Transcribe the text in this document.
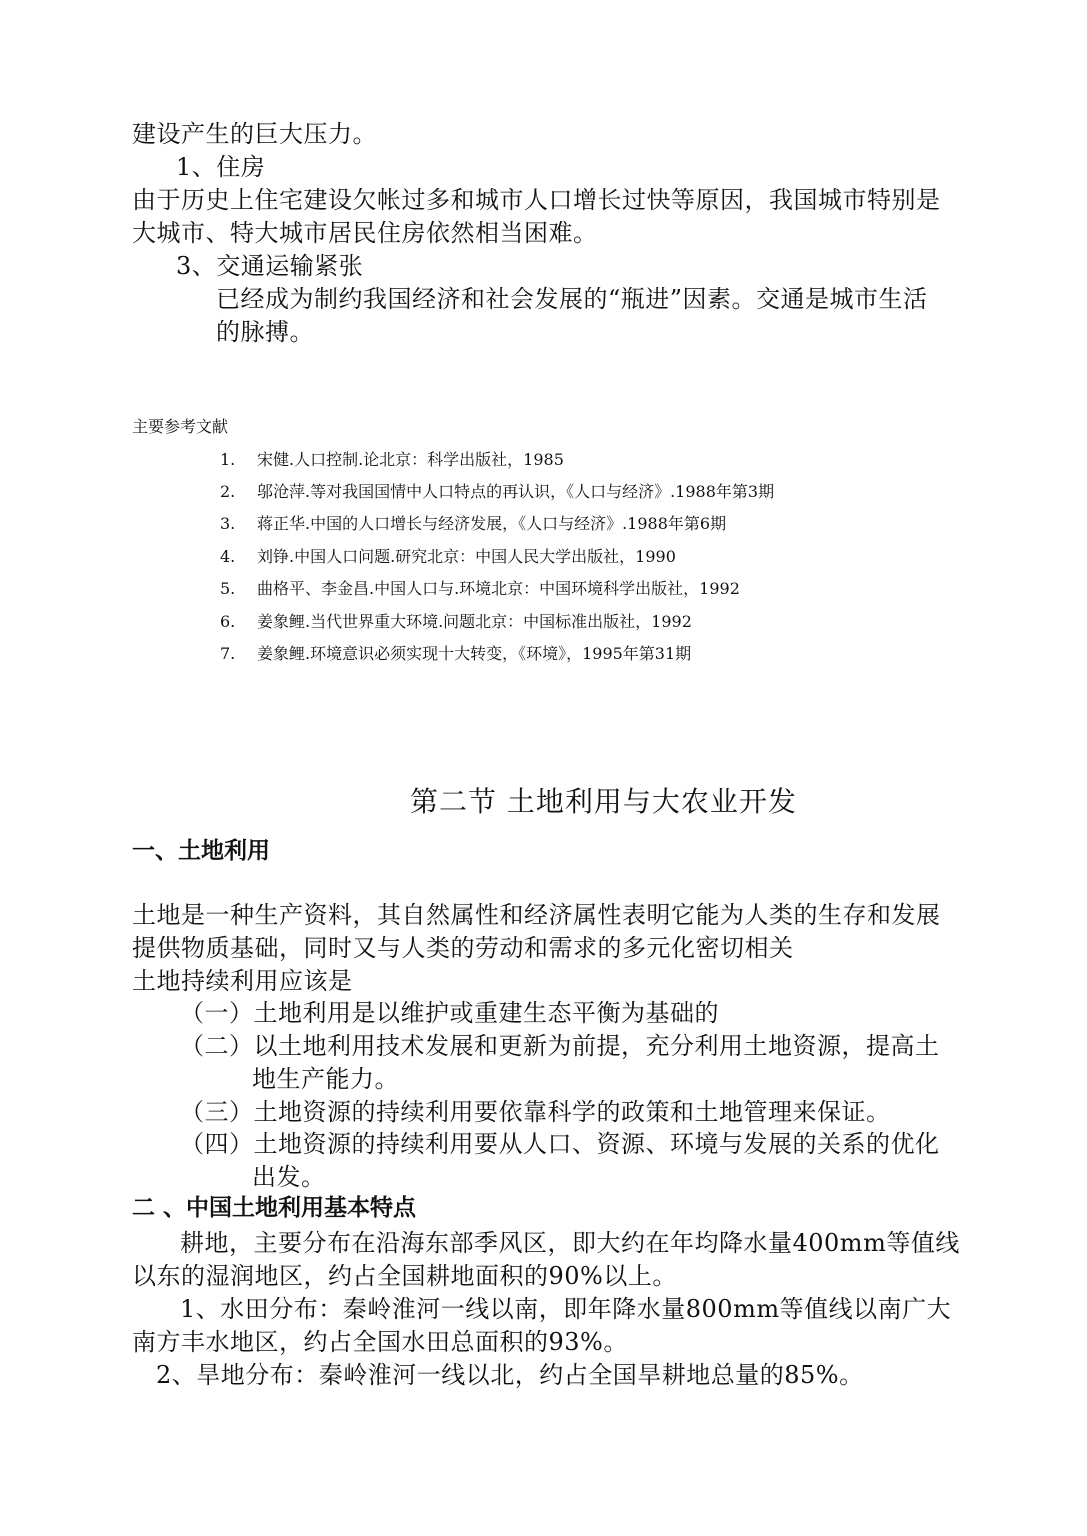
建设产生的巨大压力。
1、住房
由于历史上住宅建设欠帐过多和城市人口增长过快等原因，我国城市特别是
大城市、特大城市居民住房依然相当困难。
3、交通运输紧张
已经成为制约我国经济和社会发展的“瓶进”因素。交通是城市生活
的脉搏。
主要参考文献
1.	宋健.人口控制.论北京：科学出版社，1985
2.	邬沧萍.等对我国国情中人口特点的再认识，《人口与经济》.1988年第3期
3.	蒋正华.中国的人口增长与经济发展，《人口与经济》.1988年第6期
4.	刘铮.中国人口问题.研究北京：中国人民大学出版社，1990
5.	曲格平、李金昌.中国人口与.环境北京：中国环境科学出版社，1992
6.	姜象鲤.当代世界重大环境.问题北京：中国标准出版社，1992
7.	姜象鲤.环境意识必须实现十大转变，《环境》，1995年第31期
第二节 土地利用与大农业开发
一、土地利用
土地是一种生产资料，其自然属性和经济属性表明它能为人类的生存和发展
提供物质基础，同时又与人类的劳动和需求的多元化密切相关
土地持续利用应该是
（一）土地利用是以维护或重建生态平衡为基础的
（二）以土地利用技术发展和更新为前提，充分利用土地资源，提高土
地生产能力。
（三）土地资源的持续利用要依靠科学的政策和土地管理来保证。
（四）土地资源的持续利用要从人口、资源、环境与发展的关系的优化
出发。
二 、中国土地利用基本特点
耕地，主要分布在沿海东部季风区，即大约在年均降水量400mm等值线
以东的湿润地区，约占全国耕地面积的90%以上。
1、水田分布：秦岭淮河一线以南，即年降水量800mm等值线以南广大
南方丰水地区，约占全国水田总面积的93%。
2、旱地分布：秦岭淮河一线以北，约占全国旱耕地总量的85%。
